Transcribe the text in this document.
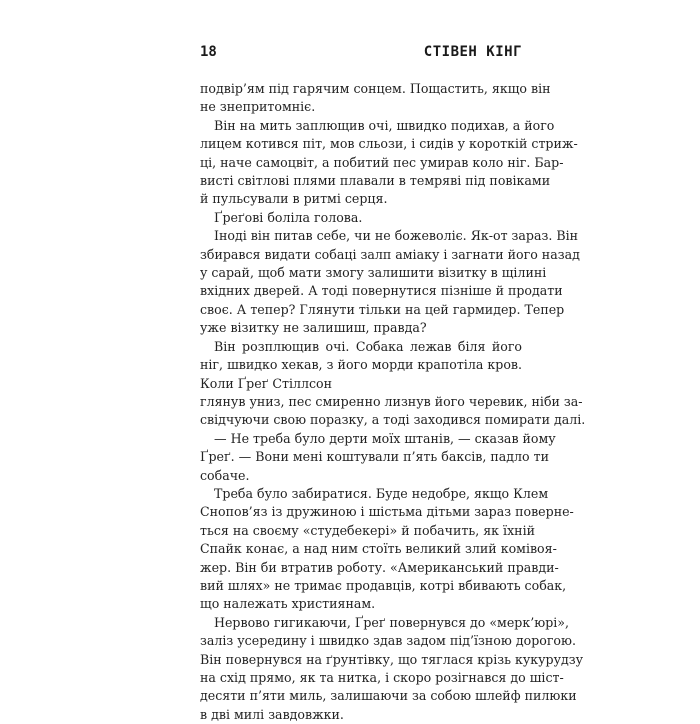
18	СТІВЕН КІНГ

подвір’ям під гарячим сонцем. Пощастить, якщо він
не знепритомніє.

Він на мить заплющив очі, швидко подихав, а його
лицем котився піт, мов сльози, і сидів у короткій стриж-
ці, наче самоцвіт, а побитий пес умирав коло ніг. Бар-
висті світлові плями плавали в темряві під повіками
й пульсували в ритмі серця.

Ґреґові боліла голова.

Іноді він питав себе, чи не божеволіє. Як-от зараз. Він
збирався видати собаці залп аміаку і загнати його назад
у сарай, щоб мати змогу залишити візитку в щілині
вхідних дверей. А тоді повернутися пізніше й продати
своє. А тепер? Глянути тільки на цей гармидер. Тепер
уже візитку не залишиш, правда?

Він розплющив очі. Собака лежав біля його ніг, швидко хекав, з його морди крапотіла кров. Коли Ґреґ Стіллсон
глянув униз, пес смиренно лизнув його черевик, ніби за-
свідчуючи свою поразку, а тоді заходився помирати далі.

— Не треба було дерти моїх штанів, — сказав йому
Ґреґ. — Вони мені коштували п’ять баксів, падло ти
собаче.

Треба було забиратися. Буде недобре, якщо Клем
Снопов’яз із дружиною і шістьма дітьми зараз поверне-
ться на своєму «студебекері» й побачить, як їхній
Спайк конає, а над ним стоїть великий злий комівоя-
жер. Він би втратив роботу. «Американський правди-
вий шлях» не тримає продавців, котрі вбивають собак,
що належать християнам.

Нервово гигикаючи, Ґреґ повернувся до «мерк’юрі»,
заліз усередину і швидко здав задом під’їзною дорогою.
Він повернувся на ґрунтівку, що тяглася крізь кукурудзу
на схід прямо, як та нитка, і скоро розігнався до шіст-
десяти п’яти миль, залишаючи за собою шлейф пилюки
в дві милі завдовжки.
